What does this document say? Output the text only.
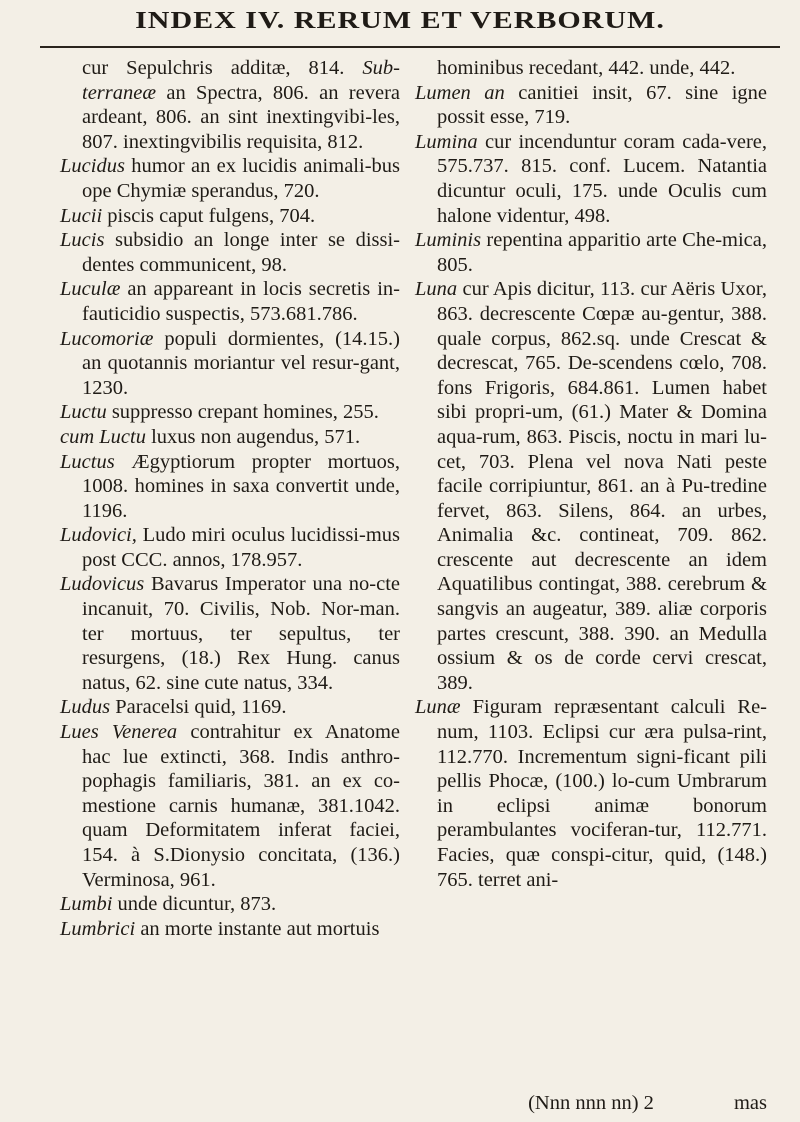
INDEX IV. RERUM ET VERBORUM.
cur Sepulchris additæ, 814. Sub-terraneæ an Spectra, 806. an revera ardeant, 806. an sint inextingvibi-les, 807. inextingvibilis requisita, 812.
Lucidus humor an ex lucidis animali-bus ope Chymiæ sperandus, 720.
Lucii piscis caput fulgens, 704.
Lucis subsidio an longe inter se dissi-dentes communicent, 98.
Luculæ an appareant in locis secretis in-fauticidio suspectis, 573.681.786.
Lucomoriæ populi dormientes, (14.15.) an quotannis moriantur vel resur-gant, 1230.
Luctu suppresso crepant homines, 255.
cum Luctu luxus non augendus, 571.
Luctus Ægyptiorum propter mortuos, 1008. homines in saxa convertit unde, 1196.
Ludovici, Ludo miri oculus lucidissi-mus post CCC. annos, 178.957.
Ludovicus Bavarus Imperator una no-cte incanuit, 70. Civilis, Nob. Nor-man. ter mortuus, ter sepultus, ter resurgens, (18.) Rex Hung. canus natus, 62. sine cute natus, 334.
Ludus Paracelsi quid, 1169.
Lues Venerea contrahitur ex Anatome hac lue extincti, 368. Indis anthro-pophagis familiaris, 381. an ex co-mestione carnis humanæ, 381.1042. quam Deformitatem inferat faciei, 154. à S.Dionysio concitata, (136.) Verminosa, 961.
Lumbi unde dicuntur, 873.
Lumbrici an morte instante aut mortuis
hominibus recedant, 442. unde, 442.
Lumen an canitiei insit, 67. sine igne possit esse, 719.
Lumina cur incenduntur coram cada-vere, 575.737. 815. conf. Lucem. Natantia dicuntur oculi, 175. unde Oculis cum halone videntur, 498.
Luminis repentina apparitio arte Che-mica, 805.
Luna cur Apis dicitur, 113. cur Aëris Uxor, 863. decrescente Cœpæ au-gentur, 388. quale corpus, 862.sq. unde Crescat & decrescat, 765. De-scendens cœlo, 708. fons Frigoris, 684.861. Lumen habet sibi propri-um, (61.) Mater & Domina aqua-rum, 863. Piscis, noctu in mari lu-cet, 703. Plena vel nova Nati peste facile corripiuntur, 861. an à Pu-tredine fervet, 863. Silens, 864. an urbes, Animalia &c. contineat, 709. 862. crescente aut decrescente an idem Aquatilibus contingat, 388. cerebrum & sangvis an augeatur, 389. aliæ corporis partes crescunt, 388. 390. an Medulla ossium & os de corde cervi crescat, 389.
Lunæ Figuram repræsentant calculi Re-num, 1103. Eclipsi cur æra pulsa-rint, 112.770. Incrementum signi-ficant pili pellis Phocæ, (100.) lo-cum Umbrarum in eclipsi animæ bonorum perambulantes vociferan-tur, 112.771. Facies, quæ conspi-citur, quid, (148.) 765. terret ani-
(Nnn nnn nn) 2	mas
